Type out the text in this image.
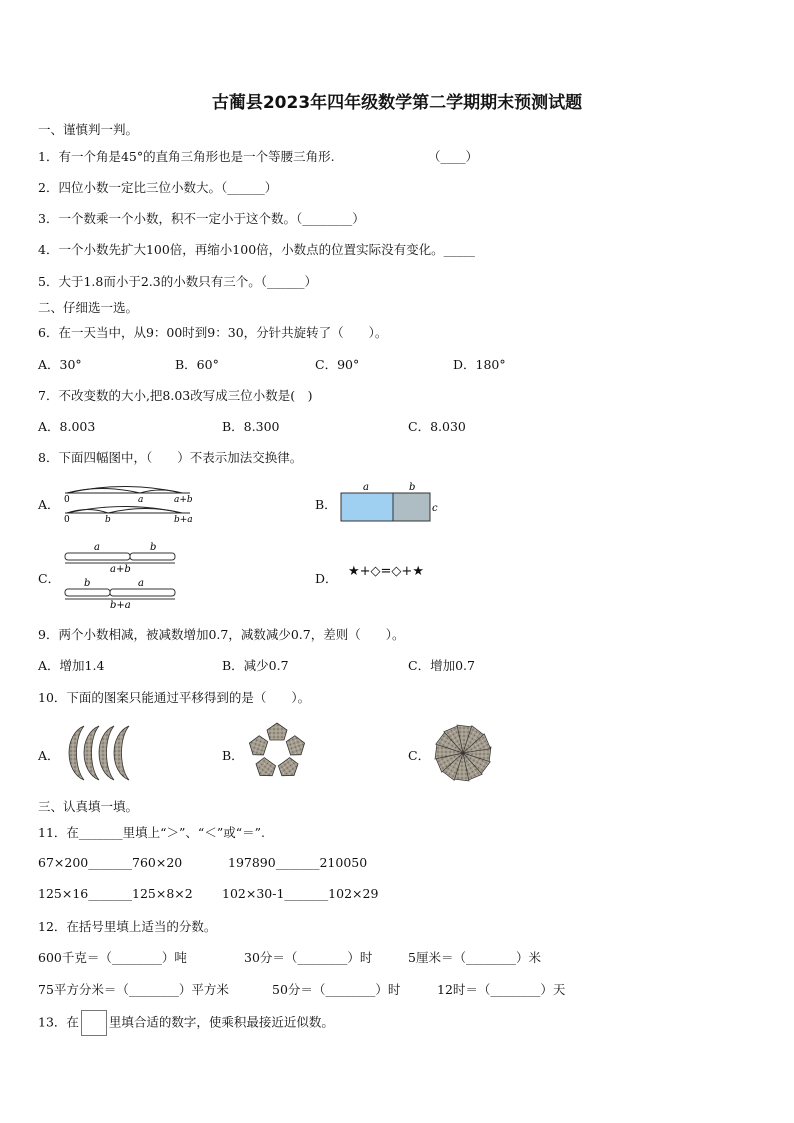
古蔺县2023年四年级数学第二学期期末预测试题
一、谨慎判一判。
1．有一个角是45°的直角三角形也是一个等腰三角形.	（____）
2．四位小数一定比三位小数大。（______）
3．一个数乘一个小数，积不一定小于这个数。（________）
4．一个小数先扩大100倍，再缩小100倍，小数点的位置实际没有变化。_____
5．大于1.8而小于2.3的小数只有三个。（______）
二、仔细选一选。
6．在一天当中，从9：00时到9：30，分针共旋转了（　　）。
A．30°	B．60°	C．90°	D．180°
7．不改变数的大小,把8.03改写成三位小数是(　)
A．8.003	B．8.300	C．8.030
8．下面四幅图中，（　　）不表示加法交换律。
A． 0	a	a+b
0	b	b+a
B．
a	b
c
C．
a	b
a+b
b	a
b+a
D． ★+◇=◇+★
9．两个小数相减，被减数增加0.7，减数减少0.7，差则（　　）。
A．增加1.4	B．减少0.7	C．增加0.7
10．下面的图案只能通过平移得到的是（　　）。
A．	B．	C．
三、认真填一填。
11．在_______里填上“＞”、“＜”或“＝”.
67×200_______760×20	197890_______210050
125×16_______125×8×2 102×30-1_______102×29
12．在括号里填上适当的分数。
600千克＝（________）吨	30分＝（________）时	5厘米＝（________）米
75平方分米＝（________）平方米	50分＝（________）时	12时＝（________）天
13．在 里填合适的数字，使乘积最接近近似数。
